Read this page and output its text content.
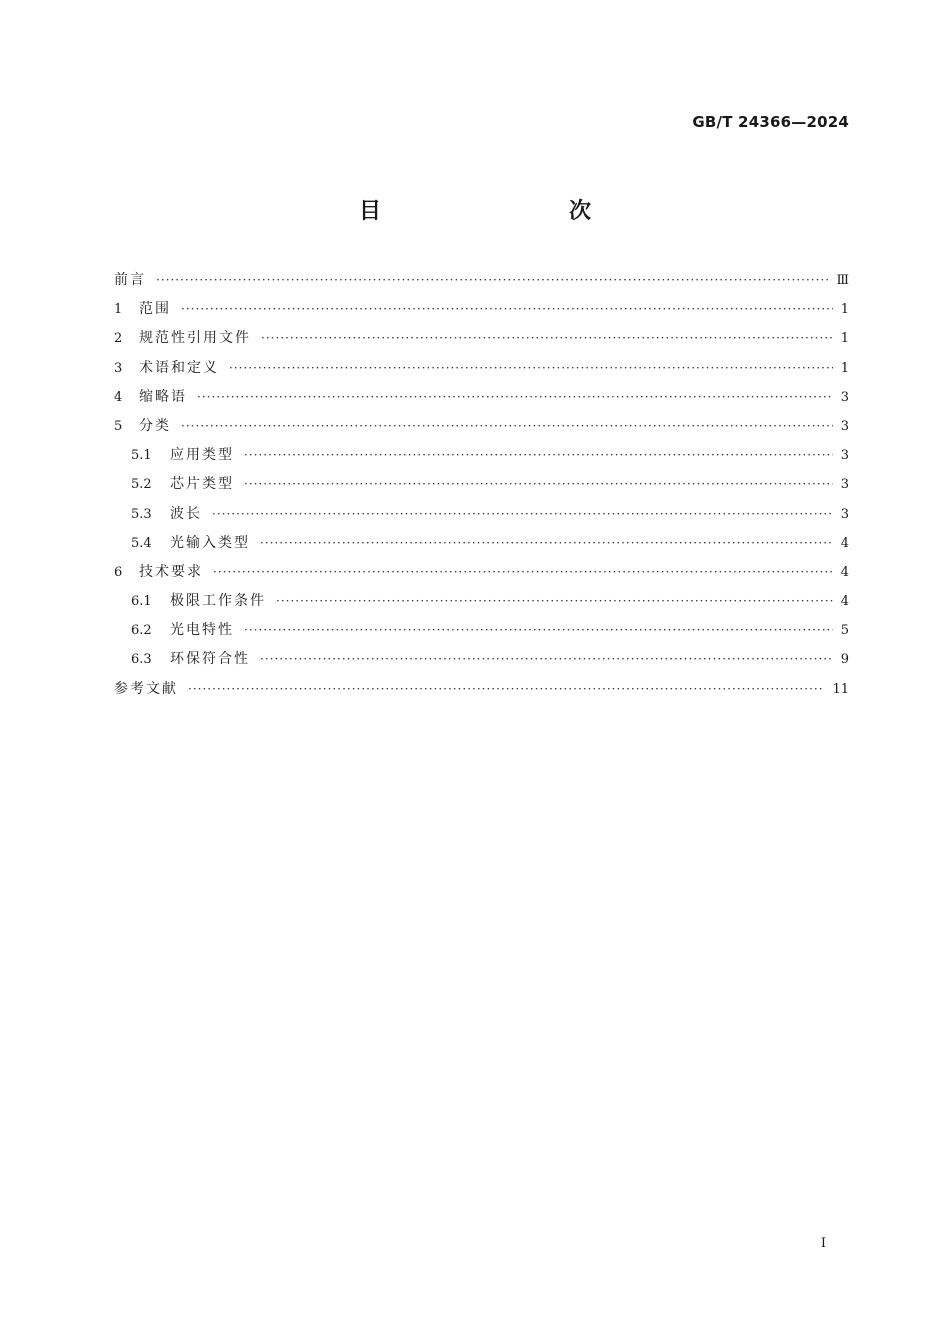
GB/T 24366—2024
目　　次
前言 ·····	Ⅲ
1	范围 ·····	1
2	规范性引用文件 ·····	1
3	术语和定义 ·····	1
4	缩略语 ·····	3
5	分类 ·····	3
5.1	应用类型 ·····	3
5.2	芯片类型 ·····	3
5.3	波长 ·····	3
5.4	光输入类型 ·····	4
6	技术要求 ·····	4
6.1	极限工作条件 ·····	4
6.2	光电特性 ·····	5
6.3	环保符合性 ·····	9
参考文献 ·····	11
I
